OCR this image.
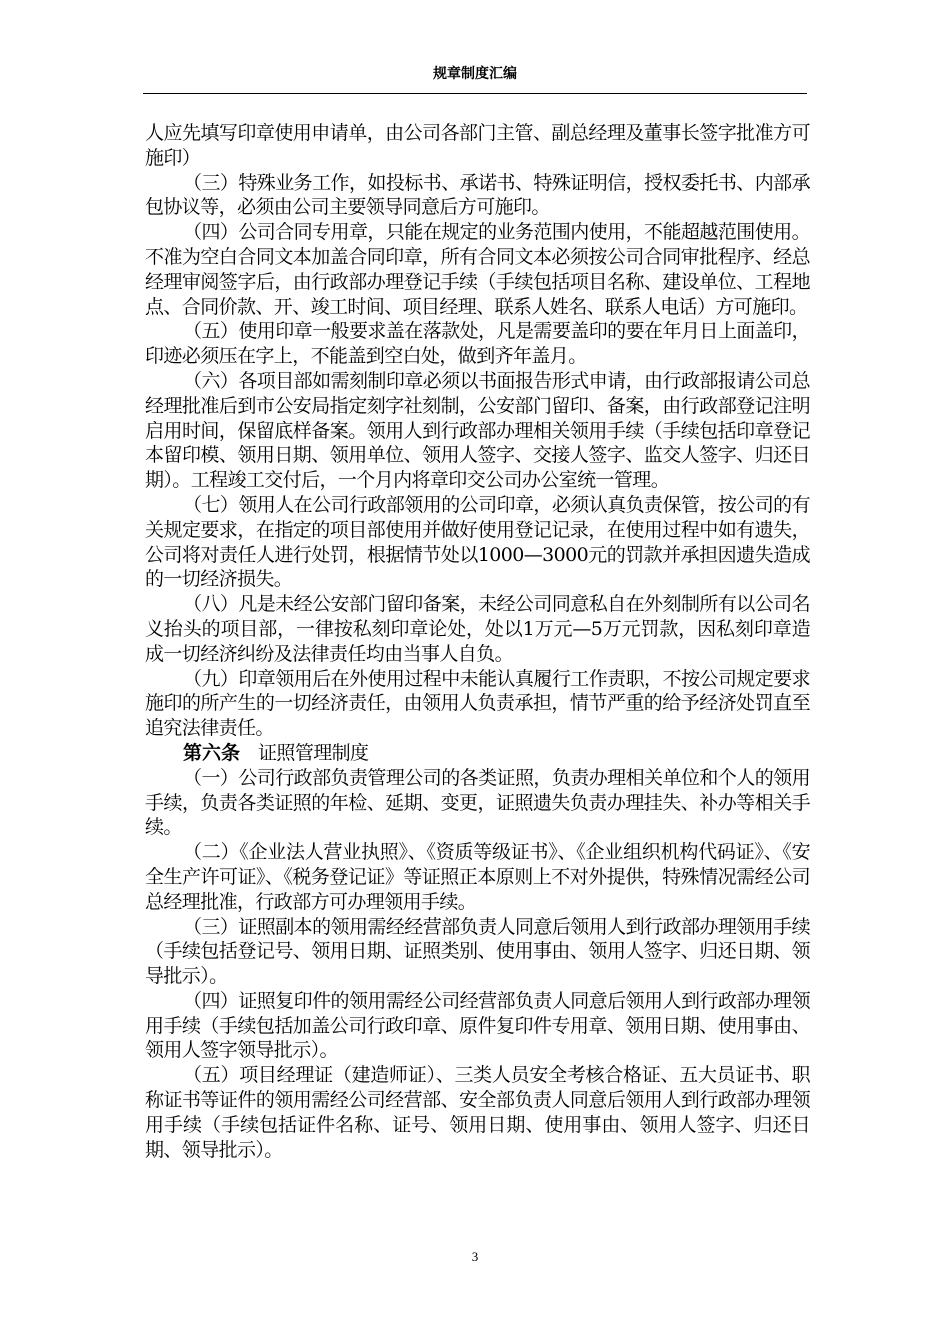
规章制度汇编

人应先填写印章使用申请单，由公司各部门主管、副总经理及董事长签字批准方可施印）

（三）特殊业务工作，如投标书、承诺书、特殊证明信，授权委托书、内部承包协议等，必须由公司主要领导同意后方可施印。

（四）公司合同专用章，只能在规定的业务范围内使用，不能超越范围使用。不准为空白合同文本加盖合同印章，所有合同文本必须按公司合同审批程序、经总经理审阅签字后，由行政部办理登记手续（手续包括项目名称、建设单位、工程地点、合同价款、开、竣工时间、项目经理、联系人姓名、联系人电话）方可施印。

（五）使用印章一般要求盖在落款处，凡是需要盖印的要在年月日上面盖印，印迹必须压在字上，不能盖到空白处，做到齐年盖月。

（六）各项目部如需刻制印章必须以书面报告形式申请，由行政部报请公司总经理批准后到市公安局指定刻字社刻制，公安部门留印、备案，由行政部登记注明启用时间，保留底样备案。领用人到行政部办理相关领用手续（手续包括印章登记本留印模、领用日期、领用单位、领用人签字、交接人签字、监交人签字、归还日期）。工程竣工交付后，一个月内将章印交公司办公室统一管理。

（七）领用人在公司行政部领用的公司印章，必须认真负责保管，按公司的有关规定要求，在指定的项目部使用并做好使用登记记录，在使用过程中如有遗失，公司将对责任人进行处罚，根据情节处以1000—3000元的罚款并承担因遗失造成的一切经济损失。

（八）凡是未经公安部门留印备案，未经公司同意私自在外刻制所有以公司名义抬头的项目部，一律按私刻印章论处，处以1万元—5万元罚款，因私刻印章造成一切经济纠纷及法律责任均由当事人自负。

（九）印章领用后在外使用过程中未能认真履行工作责职，不按公司规定要求施印的所产生的一切经济责任，由领用人负责承担，情节严重的给予经济处罚直至追究法律责任。

第六条 证照管理制度

（一）公司行政部负责管理公司的各类证照，负责办理相关单位和个人的领用手续，负责各类证照的年检、延期、变更，证照遗失负责办理挂失、补办等相关手续。

（二）《企业法人营业执照》、《资质等级证书》、《企业组织机构代码证》、《安全生产许可证》、《税务登记证》等证照正本原则上不对外提供，特殊情况需经公司总经理批准，行政部方可办理领用手续。

（三）证照副本的领用需经经营部负责人同意后领用人到行政部办理领用手续（手续包括登记号、领用日期、证照类别、使用事由、领用人签字、归还日期、领导批示）。

（四）证照复印件的领用需经公司经营部负责人同意后领用人到行政部办理领用手续（手续包括加盖公司行政印章、原件复印件专用章、领用日期、使用事由、领用人签字领导批示）。

（五）项目经理证（建造师证）、三类人员安全考核合格证、五大员证书、职称证书等证件的领用需经公司经营部、安全部负责人同意后领用人到行政部办理领用手续（手续包括证件名称、证号、领用日期、使用事由、领用人签字、归还日期、领导批示）。

3
